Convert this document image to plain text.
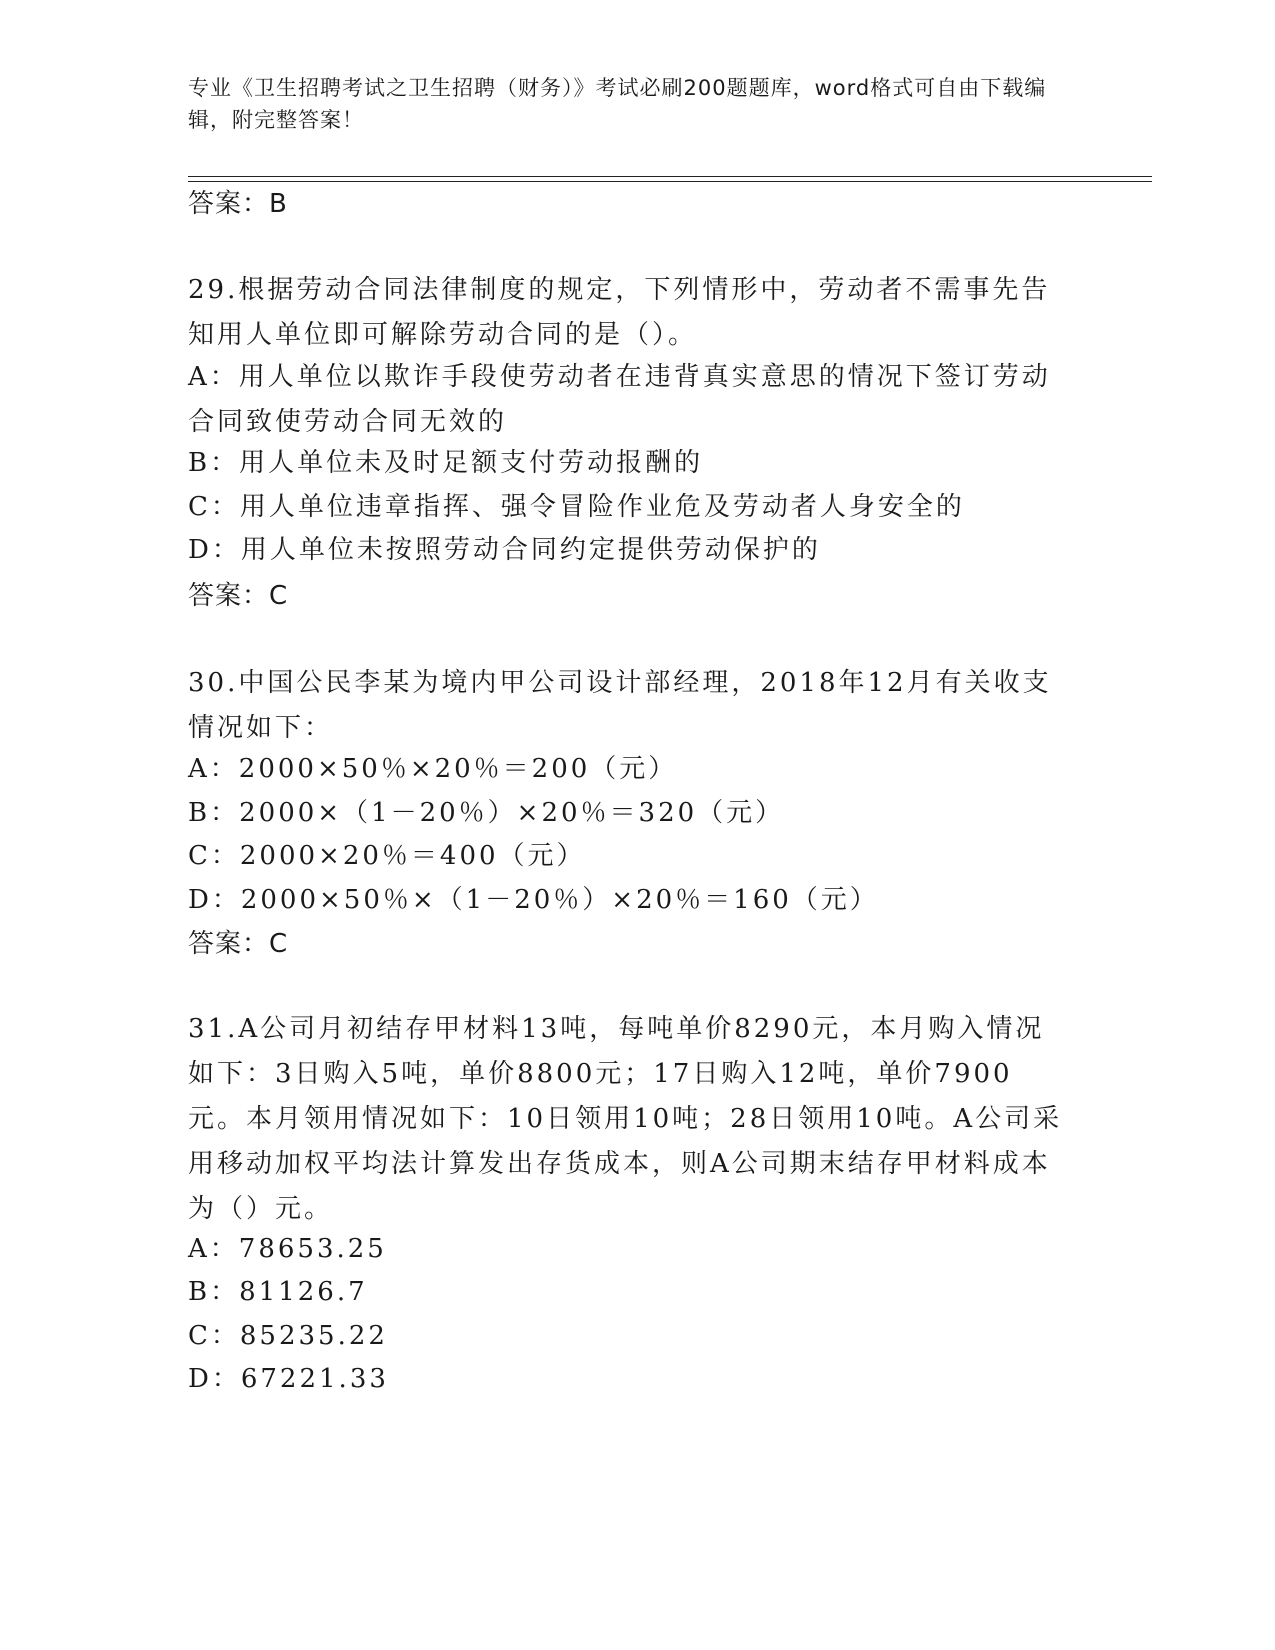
专业《卫生招聘考试之卫生招聘（财务）》考试必刷200题题库，word格式可自由下载编辑，附完整答案！
答案：B
29.根据劳动合同法律制度的规定，下列情形中，劳动者不需事先告知用人单位即可解除劳动合同的是（）。
A：用人单位以欺诈手段使劳动者在违背真实意思的情况下签订劳动合同致使劳动合同无效的
B：用人单位未及时足额支付劳动报酬的
C：用人单位违章指挥、强令冒险作业危及劳动者人身安全的
D：用人单位未按照劳动合同约定提供劳动保护的
答案：C
30.中国公民李某为境内甲公司设计部经理，2018年12月有关收支情况如下：
A：2000×50％×20％＝200（元）
B：2000×（1－20％）×20％＝320（元）
C：2000×20％＝400（元）
D：2000×50％×（1－20％）×20％＝160（元）
答案：C
31.A公司月初结存甲材料13吨，每吨单价8290元，本月购入情况如下：3日购入5吨，单价8800元；17日购入12吨，单价7900元。本月领用情况如下：10日领用10吨；28日领用10吨。A公司采用移动加权平均法计算发出存货成本，则A公司期末结存甲材料成本为（）元。
A：78653.25
B：81126.7
C：85235.22
D：67221.33
